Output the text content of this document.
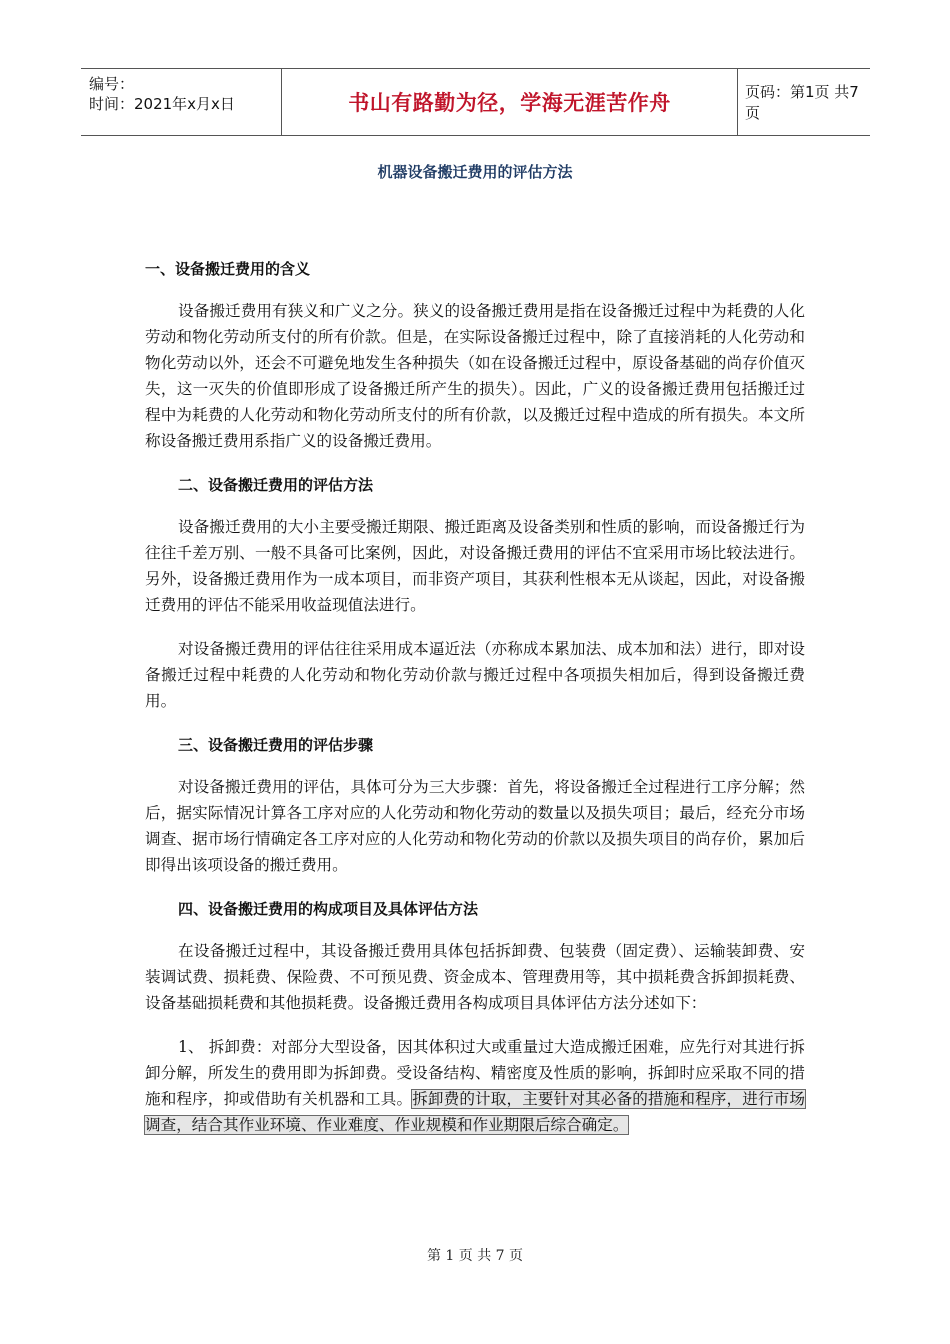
编号：
时间：2021年x月x日	书山有路勤为径，学海无涯苦作舟	页码：第1页 共7页
机器设备搬迁费用的评估方法

一、设备搬迁费用的含义

设备搬迁费用有狭义和广义之分。狭义的设备搬迁费用是指在设备搬迁过程中为耗费的人化劳动和物化劳动所支付的所有价款。但是，在实际设备搬迁过程中，除了直接消耗的人化劳动和物化劳动以外，还会不可避免地发生各种损失（如在设备搬迁过程中，原设备基础的尚存价值灭失，这一灭失的价值即形成了设备搬迁所产生的损失）。因此，广义的设备搬迁费用包括搬迁过程中为耗费的人化劳动和物化劳动所支付的所有价款，以及搬迁过程中造成的所有损失。本文所称设备搬迁费用系指广义的设备搬迁费用。

二、设备搬迁费用的评估方法

设备搬迁费用的大小主要受搬迁期限、搬迁距离及设备类别和性质的影响，而设备搬迁行为往往千差万别、一般不具备可比案例，因此，对设备搬迁费用的评估不宜采用市场比较法进行。另外，设备搬迁费用作为一成本项目，而非资产项目，其获利性根本无从谈起，因此，对设备搬迁费用的评估不能采用收益现值法进行。

对设备搬迁费用的评估往往采用成本逼近法（亦称成本累加法、成本加和法）进行，即对设备搬迁过程中耗费的人化劳动和物化劳动价款与搬迁过程中各项损失相加后，得到设备搬迁费用。

三、设备搬迁费用的评估步骤

对设备搬迁费用的评估，具体可分为三大步骤：首先，将设备搬迁全过程进行工序分解；然后，据实际情况计算各工序对应的人化劳动和物化劳动的数量以及损失项目；最后，经充分市场调查、据市场行情确定各工序对应的人化劳动和物化劳动的价款以及损失项目的尚存价，累加后即得出该项设备的搬迁费用。

四、设备搬迁费用的构成项目及具体评估方法

在设备搬迁过程中，其设备搬迁费用具体包括拆卸费、包装费（固定费）、运输装卸费、安装调试费、损耗费、保险费、不可预见费、资金成本、管理费用等，其中损耗费含拆卸损耗费、设备基础损耗费和其他损耗费。设备搬迁费用各构成项目具体评估方法分述如下：

1、 拆卸费：对部分大型设备，因其体积过大或重量过大造成搬迁困难，应先行对其进行拆卸分解，所发生的费用即为拆卸费。受设备结构、精密度及性质的影响，拆卸时应采取不同的措施和程序，抑或借助有关机器和工具。拆卸费的计取，主要针对其必备的措施和程序，进行市场调查，结合其作业环境、作业难度、作业规模和作业期限后综合确定。

第 1 页 共 7 页
